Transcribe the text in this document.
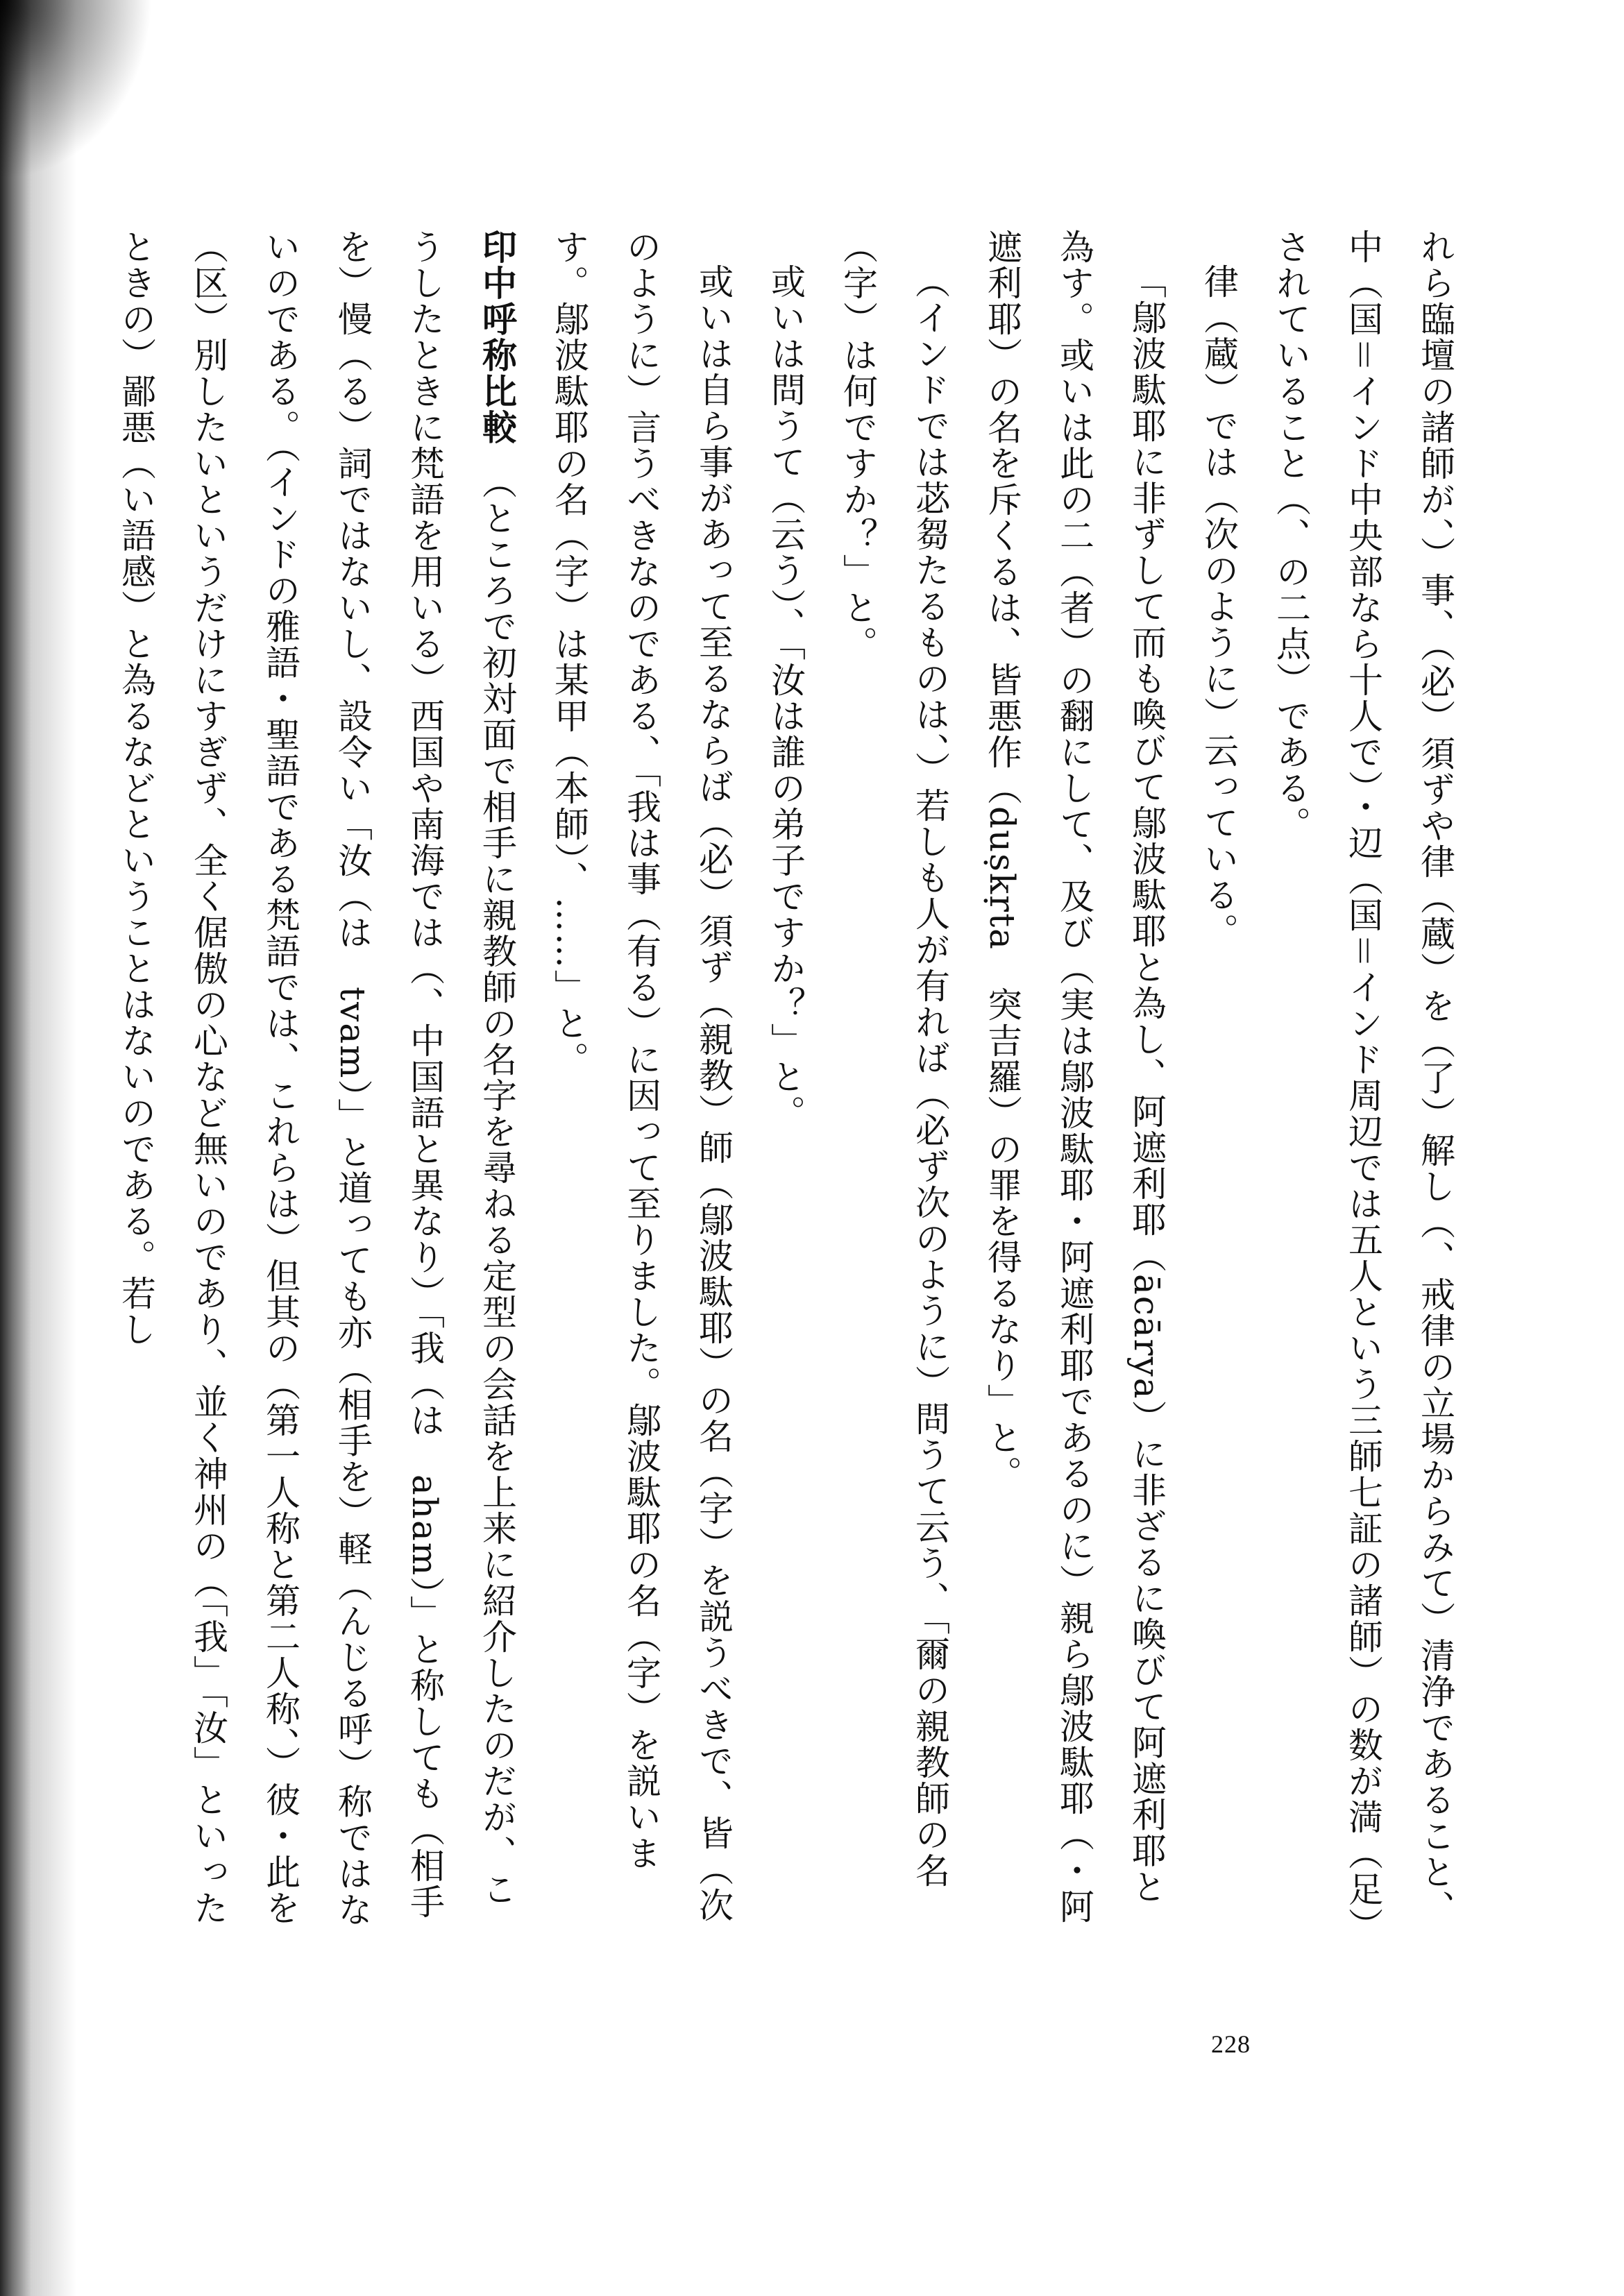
れら臨壇の諸師が、）事、（必）須ずや律（蔵）を（了）解し（、戒律の立場からみて）清浄であること、中（国＝インド中央部なら十人で）・辺（国＝インド周辺では五人という三師七証の諸師）の数が満（足）されていること（、の二点）である。

律（蔵）では（次のように）云っている。

「鄔波駄耶に非ずして而も喚びて鄔波駄耶と為し、阿遮利耶（ācārya）に非ざるに喚びて阿遮利耶と為す。或いは此の二（者）の翻にして、及び（実は鄔波駄耶・阿遮利耶であるのに）親ら鄔波駄耶（・阿遮利耶）の名を斥くるは、皆悪作（duṣkṛta　突吉羅）の罪を得るなり」と。

（インドでは苾芻たるものは、）若しも人が有れば（必ず次のように）問うて云う、「爾の親教師の名（字）は何ですか？」と。

或いは問うて（云う）、「汝は誰の弟子ですか？」と。

或いは自ら事があって至るならば（必）須ず（親教）師（鄔波駄耶）の名（字）を説うべきで、皆（次のように）言うべきなのである、「我は事（有る）に因って至りました。鄔波駄耶の名（字）を説います。鄔波駄耶の名（字）は某甲（本師）、……」と。

印中呼称比較　（ところで初対面で相手に親教師の名字を尋ねる定型の会話を上来に紹介したのだが、こうしたときに梵語を用いる）西国や南海では（、中国語と異なり）「我（は　aham）」と称しても（相手を）慢（る）詞ではないし、設令い「汝（は　tvam）」と道っても亦（相手を）軽（んじる呼）称ではないのである。（インドの雅語・聖語である梵語では、これらは）但其の（第一人称と第二人称、）彼・此を（区）別したいというだけにすぎず、全く倨傲の心など無いのであり、並く神州の（「我」「汝」といったときの）鄙悪（い語感）と為るなどということはないのである。若し

228
